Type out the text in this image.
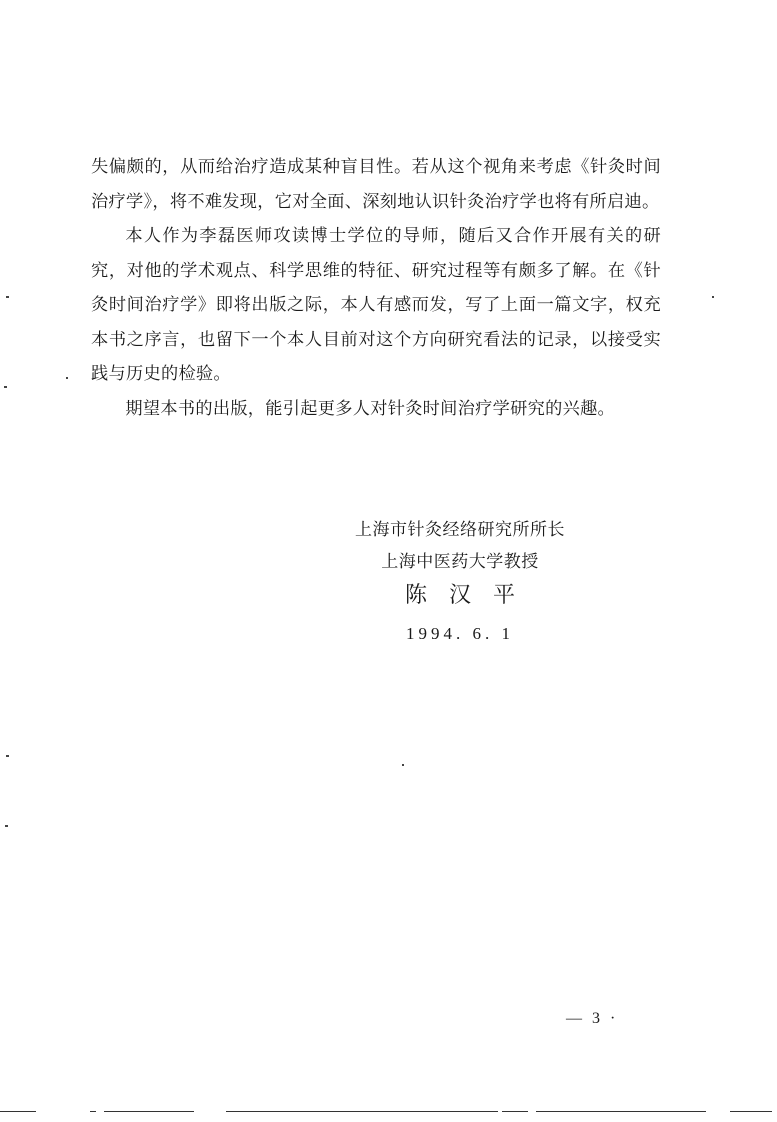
失偏颇的，从而给治疗造成某种盲目性。若从这个视角来考虑《针灸时间治疗学》，将不难发现，它对全面、深刻地认识针灸治疗学也将有所启迪。

本人作为李磊医师攻读博士学位的导师，随后又合作开展有关的研究，对他的学术观点、科学思维的特征、研究过程等有颇多了解。在《针灸时间治疗学》即将出版之际，本人有感而发，写了上面一篇文字，权充本书之序言，也留下一个本人目前对这个方向研究看法的记录，以接受实践与历史的检验。

期望本书的出版，能引起更多人对针灸时间治疗学研究的兴趣。

上海市针灸经络研究所所长
上海中医药大学教授
陈汉平
1994. 6. 1
— 3 ·
